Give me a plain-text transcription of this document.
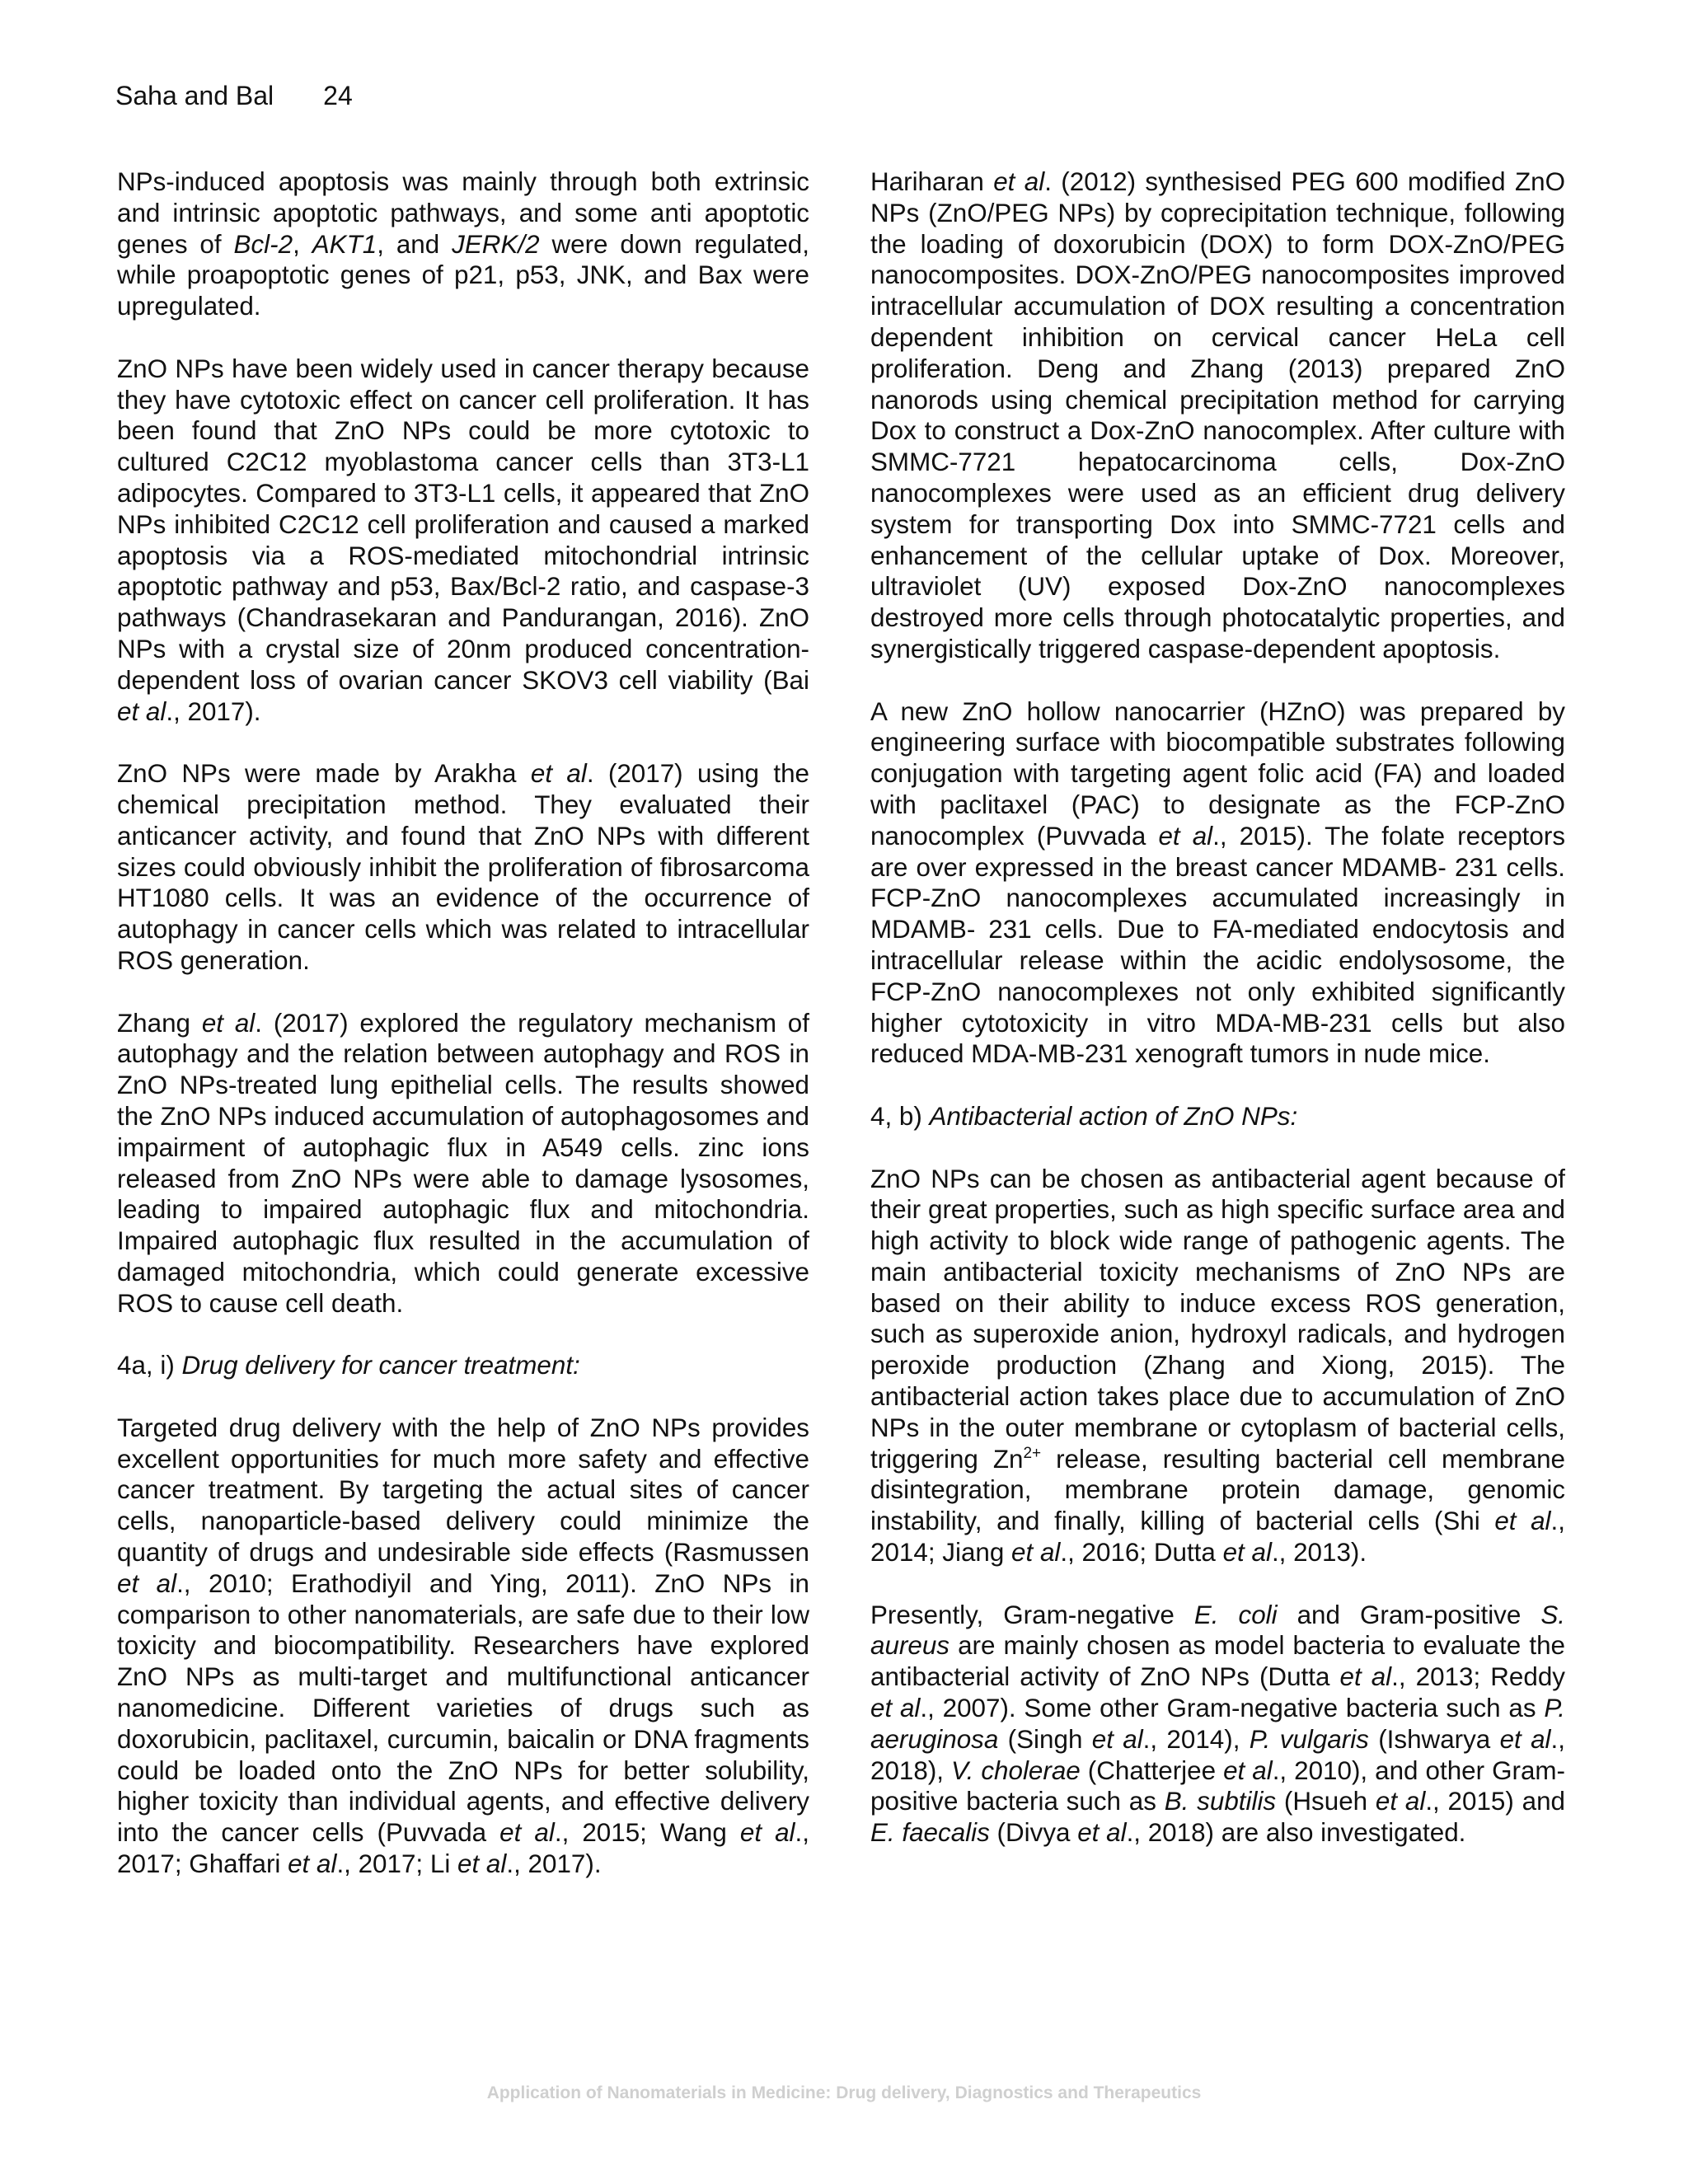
Saha and Bal 24

NPs-induced apoptosis was mainly through both extrinsic and intrinsic apoptotic pathways, and some anti apoptotic genes of Bcl-2, AKT1, and JERK/2 were down regulated, while proapoptotic genes of p21, p53, JNK, and Bax were upregulated.

ZnO NPs have been widely used in cancer therapy because they have cytotoxic effect on cancer cell proliferation. It has been found that ZnO NPs could be more cytotoxic to cultured C2C12 myoblastoma cancer cells than 3T3-L1 adipocytes. Compared to 3T3-L1 cells, it appeared that ZnO NPs inhibited C2C12 cell proliferation and caused a marked apoptosis via a ROS-mediated mitochondrial intrinsic apoptotic pathway and p53, Bax/Bcl-2 ratio, and caspase-3 pathways (Chandrasekaran and Pandurangan, 2016). ZnO NPs with a crystal size of 20nm produced concentration-dependent loss of ovarian cancer SKOV3 cell viability (Bai et al., 2017).

ZnO NPs were made by Arakha et al. (2017) using the chemical precipitation method. They evaluated their anticancer activity, and found that ZnO NPs with different sizes could obviously inhibit the proliferation of fibrosarcoma HT1080 cells. It was an evidence of the occurrence of autophagy in cancer cells which was related to intracellular ROS generation.

Zhang et al. (2017) explored the regulatory mechanism of autophagy and the relation between autophagy and ROS in ZnO NPs-treated lung epithelial cells. The results showed the ZnO NPs induced accumulation of autophagosomes and impairment of autophagic flux in A549 cells. zinc ions released from ZnO NPs were able to damage lysosomes, leading to impaired autophagic flux and mitochondria. Impaired autophagic flux resulted in the accumulation of damaged mitochondria, which could generate excessive ROS to cause cell death.

4a, i) Drug delivery for cancer treatment:

Targeted drug delivery with the help of ZnO NPs provides excellent opportunities for much more safety and effective cancer treatment. By targeting the actual sites of cancer cells, nanoparticle-based delivery could minimize the quantity of drugs and undesirable side effects (Rasmussen et al., 2010; Erathodiyil and Ying, 2011). ZnO NPs in comparison to other nanomaterials, are safe due to their low toxicity and biocompatibility. Researchers have explored ZnO NPs as multi-target and multifunctional anticancer nanomedicine. Different varieties of drugs such as doxorubicin, paclitaxel, curcumin, baicalin or DNA fragments could be loaded onto the ZnO NPs for better solubility, higher toxicity than individual agents, and effective delivery into the cancer cells (Puvvada et al., 2015; Wang et al., 2017; Ghaffari et al., 2017; Li et al., 2017).

Hariharan et al. (2012) synthesised PEG 600 modified ZnO NPs (ZnO/PEG NPs) by coprecipitation technique, following the loading of doxorubicin (DOX) to form DOX-ZnO/PEG nanocomposites. DOX-ZnO/PEG nanocomposites improved intracellular accumulation of DOX resulting a concentration dependent inhibition on cervical cancer HeLa cell proliferation. Deng and Zhang (2013) prepared ZnO nanorods using chemical precipitation method for carrying Dox to construct a Dox-ZnO nanocomplex. After culture with SMMC-7721 hepatocarcinoma cells, Dox-ZnO nanocomplexes were used as an efficient drug delivery system for transporting Dox into SMMC-7721 cells and enhancement of the cellular uptake of Dox. Moreover, ultraviolet (UV) exposed Dox-ZnO nanocomplexes destroyed more cells through photocatalytic properties, and synergistically triggered caspase-dependent apoptosis.

A new ZnO hollow nanocarrier (HZnO) was prepared by engineering surface with biocompatible substrates following conjugation with targeting agent folic acid (FA) and loaded with paclitaxel (PAC) to designate as the FCP-ZnO nanocomplex (Puvvada et al., 2015). The folate receptors are over expressed in the breast cancer MDAMB- 231 cells. FCP-ZnO nanocomplexes accumulated increasingly in MDAMB- 231 cells. Due to FA-mediated endocytosis and intracellular release within the acidic endolysosome, the FCP-ZnO nanocomplexes not only exhibited significantly higher cytotoxicity in vitro MDA-MB-231 cells but also reduced MDA-MB-231 xenograft tumors in nude mice.

4, b) Antibacterial action of ZnO NPs:

ZnO NPs can be chosen as antibacterial agent because of their great properties, such as high specific surface area and high activity to block wide range of pathogenic agents. The main antibacterial toxicity mechanisms of ZnO NPs are based on their ability to induce excess ROS generation, such as superoxide anion, hydroxyl radicals, and hydrogen peroxide production (Zhang and Xiong, 2015). The antibacterial action takes place due to accumulation of ZnO NPs in the outer membrane or cytoplasm of bacterial cells, triggering $Zn^{2+}$ release, resulting bacterial cell membrane disintegration, membrane protein damage, genomic instability, and finally, killing of bacterial cells (Shi et al., 2014; Jiang et al., 2016; Dutta et al., 2013).

Presently, Gram-negative E. coli and Gram-positive S. aureus are mainly chosen as model bacteria to evaluate the antibacterial activity of ZnO NPs (Dutta et al., 2013; Reddy et al., 2007). Some other Gram-negative bacteria such as P. aeruginosa (Singh et al., 2014), P. vulgaris (Ishwarya et al., 2018), V. cholerae (Chatterjee et al., 2010), and other Gram-positive bacteria such as B. subtilis (Hsueh et al., 2015) and E. faecalis (Divya et al., 2018) are also investigated.

Application of Nanomaterials in Medicine: Drug delivery, Diagnostics and Therapeutics
